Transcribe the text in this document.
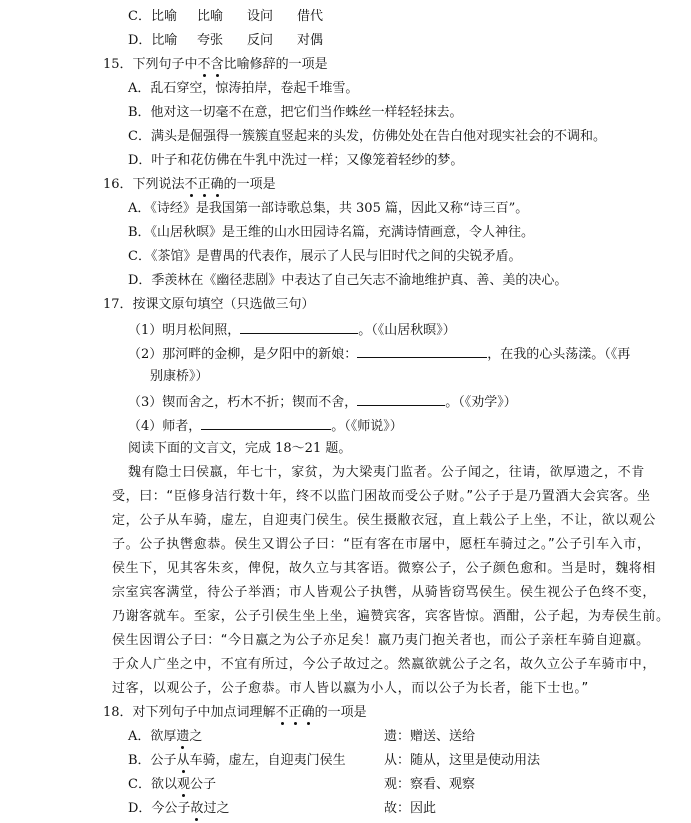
C．比喻 比喻 设问 借代
D．比喻 夸张 反问 对偶
15．下列句子中不含比喻修辞的一项是
A．乱石穿空，惊涛拍岸，卷起千堆雪。
B．他对这一切毫不在意，把它们当作蛛丝一样轻轻抹去。
C．满头是倔强得一簇簇直竖起来的头发，仿佛处处在告白他对现实社会的不调和。
D．叶子和花仿佛在牛乳中洗过一样；又像笼着轻纱的梦。
16．下列说法不正确的一项是
A．《诗经》是我国第一部诗歌总集，共 305 篇，因此又称“诗三百”。
B．《山居秋暝》是王维的山水田园诗名篇，充满诗情画意，令人神往。
C．《茶馆》是曹禺的代表作，展示了人民与旧时代之间的尖锐矛盾。
D．季羡林在《幽径悲剧》中表达了自己矢志不渝地维护真、善、美的决心。
17．按课文原句填空（只选做三句）
（1）明月松间照，	。（《山居秋暝》）
（2）那河畔的金柳，是夕阳中的新娘：	，在我的心头荡漾。（《再
别康桥》）
（3）锲而舍之，朽木不折；锲而不舍，	。（《劝学》）
（4）师者，	。（《师说》）
阅读下面的文言文，完成 18～21 题。
魏有隐士曰侯嬴，年七十，家贫，为大梁夷门监者。公子闻之，往请，欲厚遗之，不肯
受，曰：“臣修身洁行数十年，终不以监门困故而受公子财。”公子于是乃置酒大会宾客。坐
定，公子从车骑，虚左，自迎夷门侯生。侯生摄敝衣冠，直上载公子上坐，不让，欲以观公
子。公子执辔愈恭。侯生又谓公子曰：“臣有客在市屠中，愿枉车骑过之。”公子引车入市，
侯生下，见其客朱亥，俾倪，故久立与其客语。微察公子，公子颜色愈和。当是时，魏将相
宗室宾客满堂，待公子举酒；市人皆观公子执辔，从骑皆窃骂侯生。侯生视公子色终不变，
乃谢客就车。至家，公子引侯生坐上坐，遍赞宾客，宾客皆惊。酒酣，公子起，为寿侯生前。
侯生因谓公子曰：“今日嬴之为公子亦足矣！嬴乃夷门抱关者也，而公子亲枉车骑自迎嬴。
于众人广坐之中，不宜有所过，今公子故过之。然嬴欲就公子之名，故久立公子车骑市中，
过客，以观公子，公子愈恭。市人皆以嬴为小人，而以公子为长者，能下士也。”
18．对下列句子中加点词理解不正确的一项是
A．欲厚遗之	遗：赠送、送给
B．公子从车骑，虚左，自迎夷门侯生	从：随从，这里是使动用法
C．欲以观公子	观：察看、观察
D．今公子故过之	故：因此
